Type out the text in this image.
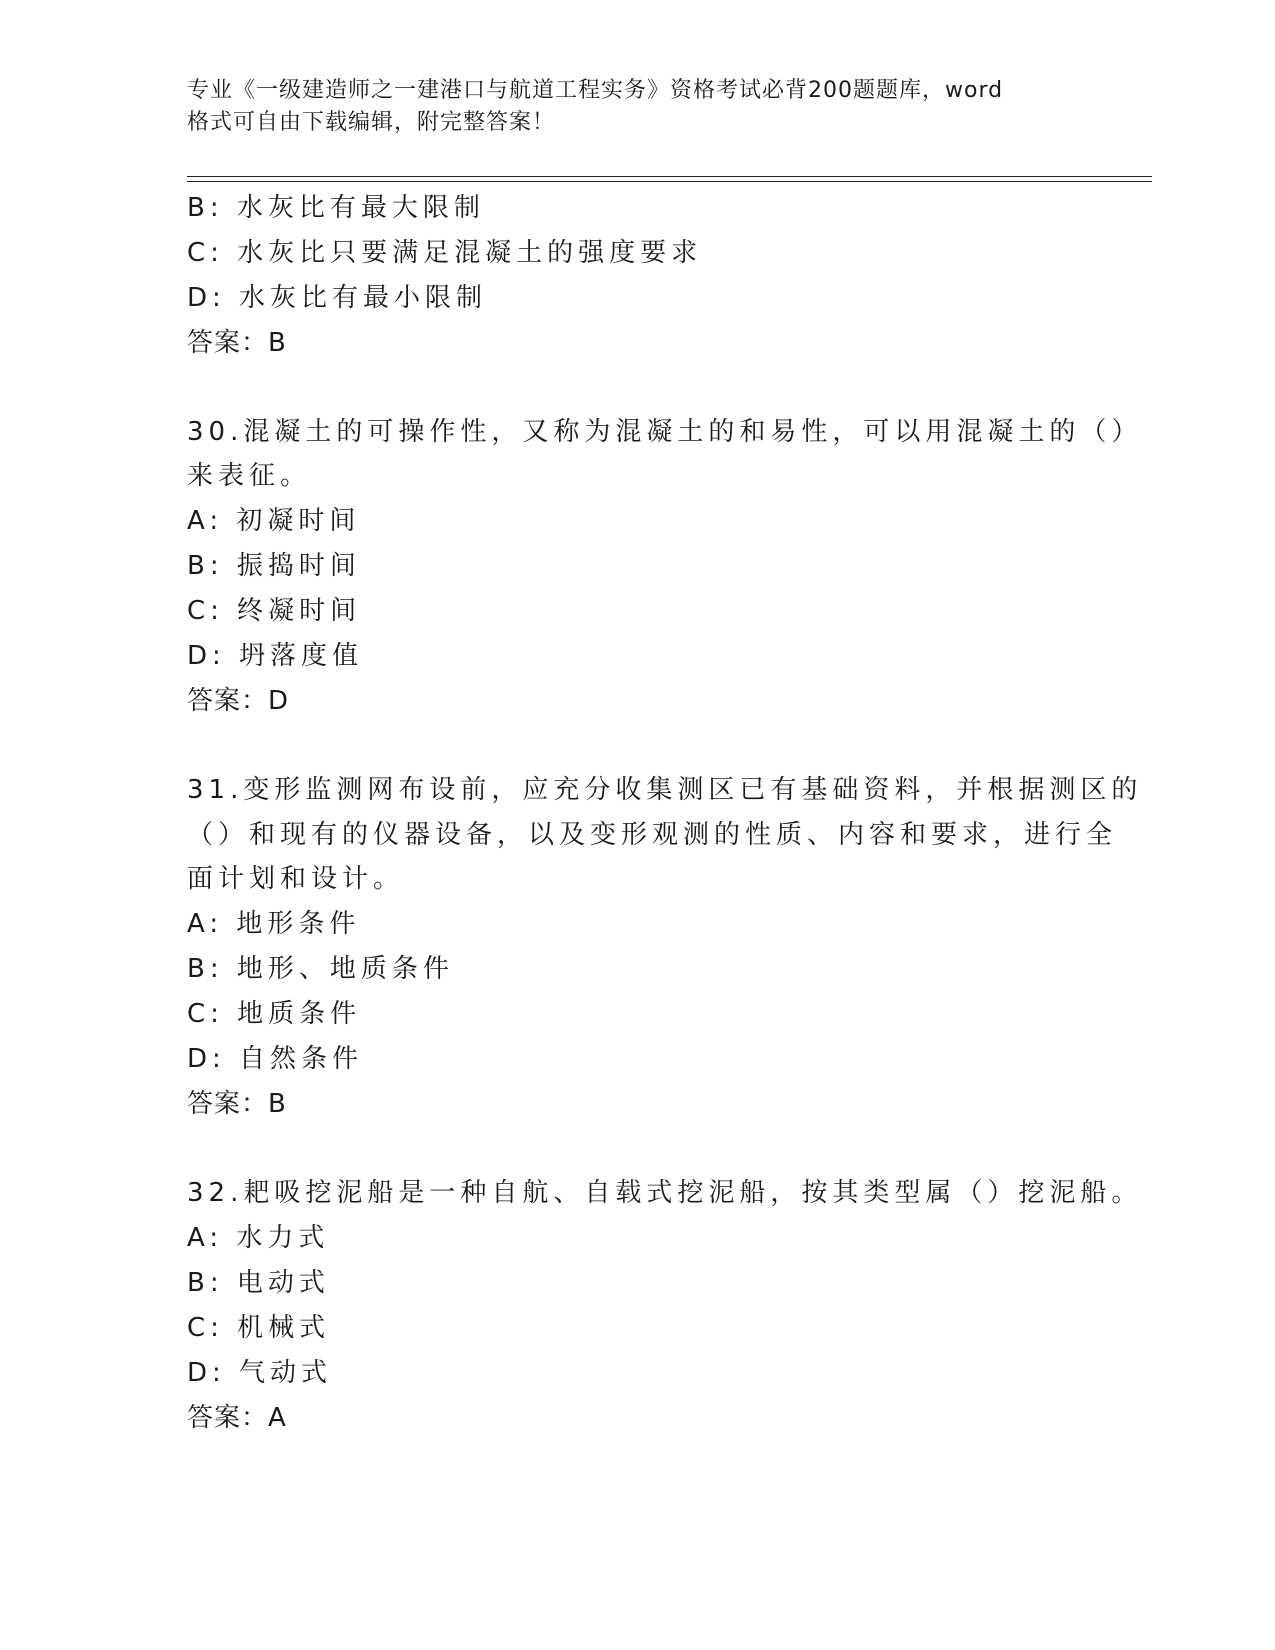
专业《一级建造师之一建港口与航道工程实务》资格考试必背200题题库，word
格式可自由下载编辑，附完整答案！
B: 水灰比有最大限制
C: 水灰比只要满足混凝土的强度要求
D: 水灰比有最小限制
答案：B
30.混凝土的可操作性，又称为混凝土的和易性，可以用混凝土的（）
来表征。
A: 初凝时间
B: 振捣时间
C: 终凝时间
D: 坍落度值
答案：D
31.变形监测网布设前，应充分收集测区已有基础资料，并根据测区的
（）和现有的仪器设备，以及变形观测的性质、内容和要求，进行全
面计划和设计。
A: 地形条件
B: 地形、地质条件
C: 地质条件
D: 自然条件
答案：B
32.耙吸挖泥船是一种自航、自载式挖泥船，按其类型属（）挖泥船。
A: 水力式
B: 电动式
C: 机械式
D: 气动式
答案：A
